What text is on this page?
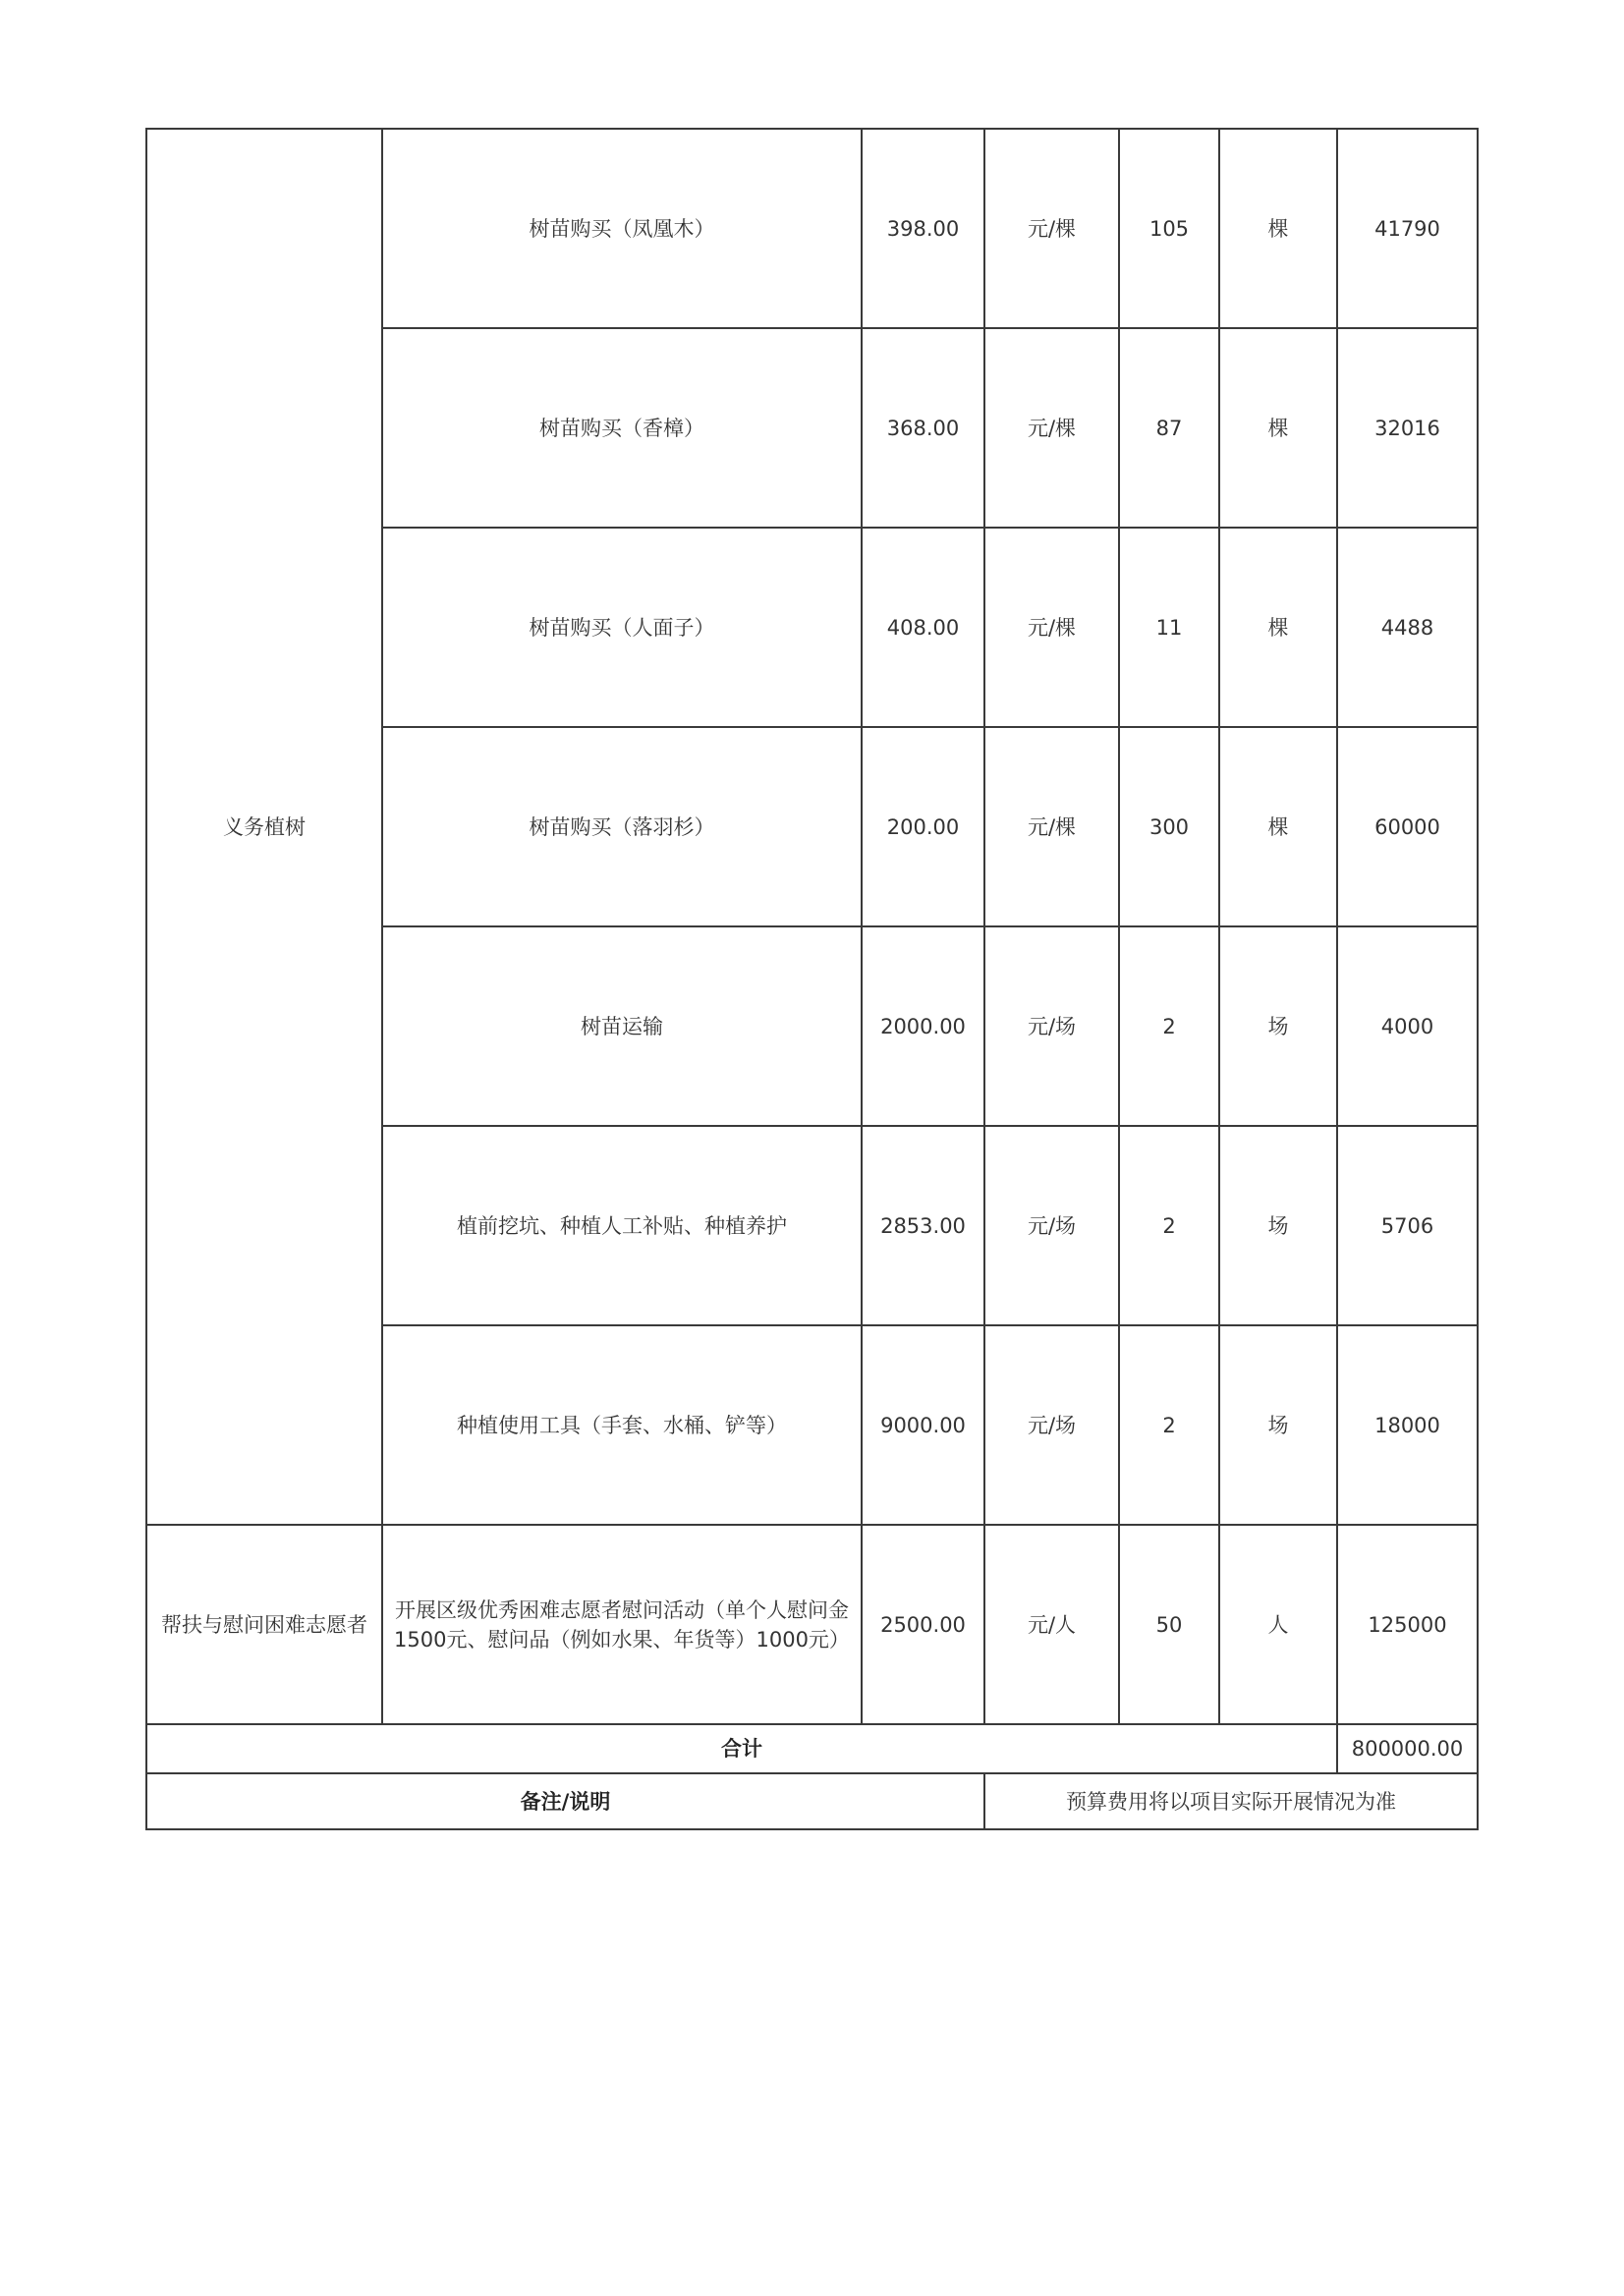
义务植树	树苗购买（凤凰木）	398.00	元/棵	105	棵	41790
	树苗购买（香樟）	368.00	元/棵	87	棵	32016
	树苗购买（人面子）	408.00	元/棵	11	棵	4488
	树苗购买（落羽杉）	200.00	元/棵	300	棵	60000
	树苗运输	2000.00	元/场	2	场	4000
	植前挖坑、种植人工补贴、种植养护	2853.00	元/场	2	场	5706
	种植使用工具（手套、水桶、铲等）	9000.00	元/场	2	场	18000
帮扶与慰问困难志愿者	开展区级优秀困难志愿者慰问活动（单个人慰问金1500元、慰问品（例如水果、年货等）1000元）	2500.00	元/人	50	人	125000
合计						800000.00
备注/说明			预算费用将以项目实际开展情况为准			
